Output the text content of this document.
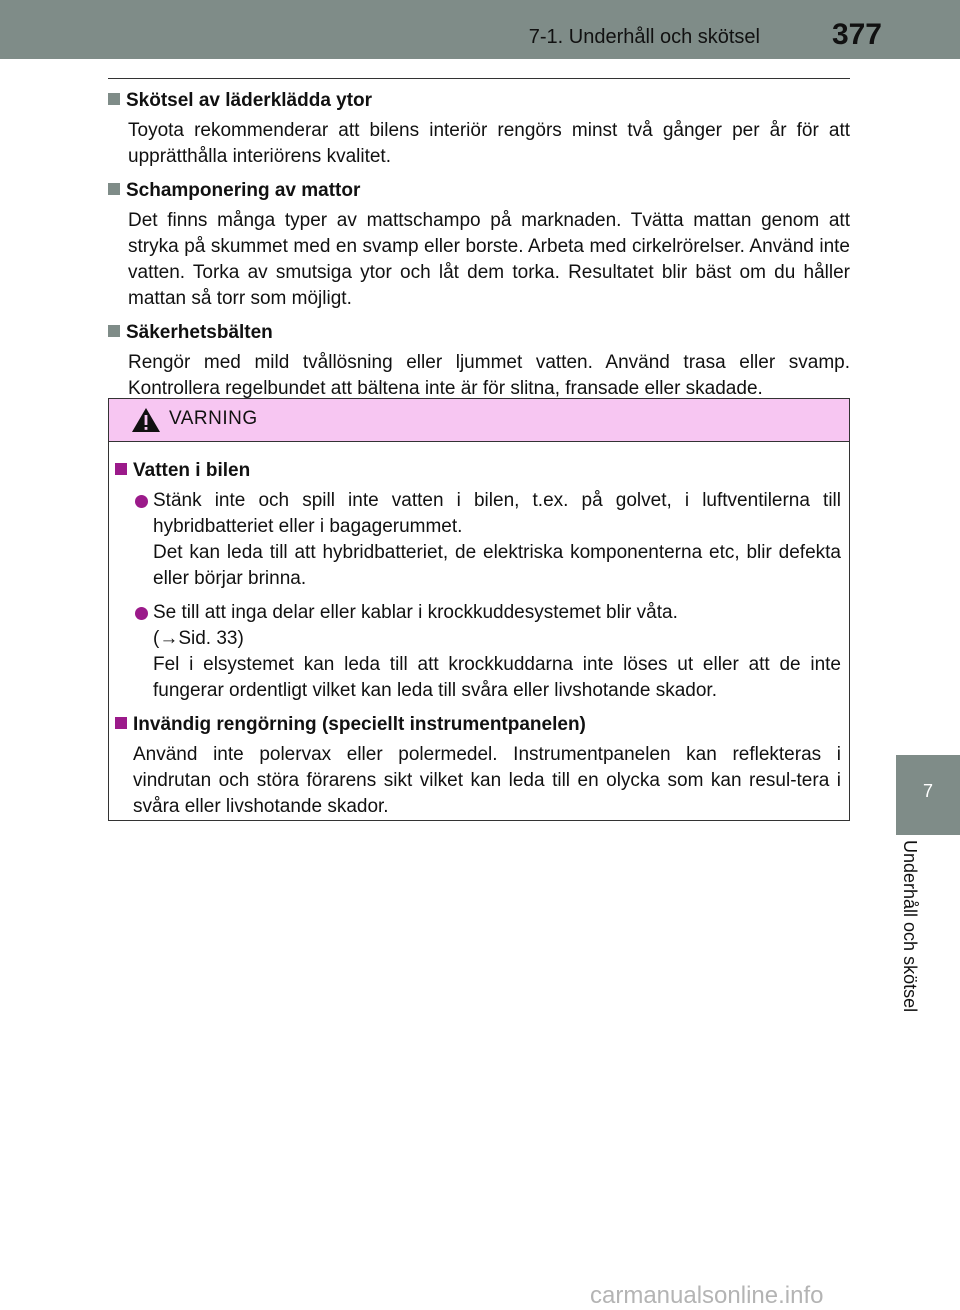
7-1. Underhåll och skötsel 377
7
Underhåll och skötsel

Skötsel av läderklädda ytor

Toyota rekommenderar att bilens interiör rengörs minst två gånger per år för att upprätthålla interiörens kvalitet.

Schamponering av mattor

Det finns många typer av mattschampo på marknaden. Tvätta mattan genom att stryka på skummet med en svamp eller borste. Arbeta med cirkelrörelser. Använd inte vatten. Torka av smutsiga ytor och låt dem torka. Resultatet blir bäst om du håller mattan så torr som möjligt.

Säkerhetsbälten

Rengör med mild tvållösning eller ljummet vatten. Använd trasa eller svamp. Kontrollera regelbundet att bältena inte är för slitna, fransade eller skadade.

VARNING

Vatten i bilen

Stänk inte och spill inte vatten i bilen, t.ex. på golvet, i luftventilerna till hybridbatteriet eller i bagagerummet.

Det kan leda till att hybridbatteriet, de elektriska komponenterna etc, blir defekta eller börjar brinna.

Se till att inga delar eller kablar i krockkuddesystemet blir våta.

(→Sid. 33)

Fel i elsystemet kan leda till att krockkuddarna inte löses ut eller att de inte fungerar ordentligt vilket kan leda till svåra eller livshotande skador.

Invändig rengörning (speciellt instrumentpanelen)

Använd inte polervax eller polermedel. Instrumentpanelen kan reflekteras i vindrutan och störa förarens sikt vilket kan leda till en olycka som kan resul-tera i svåra eller livshotande skador.

carmanualsonline.info
